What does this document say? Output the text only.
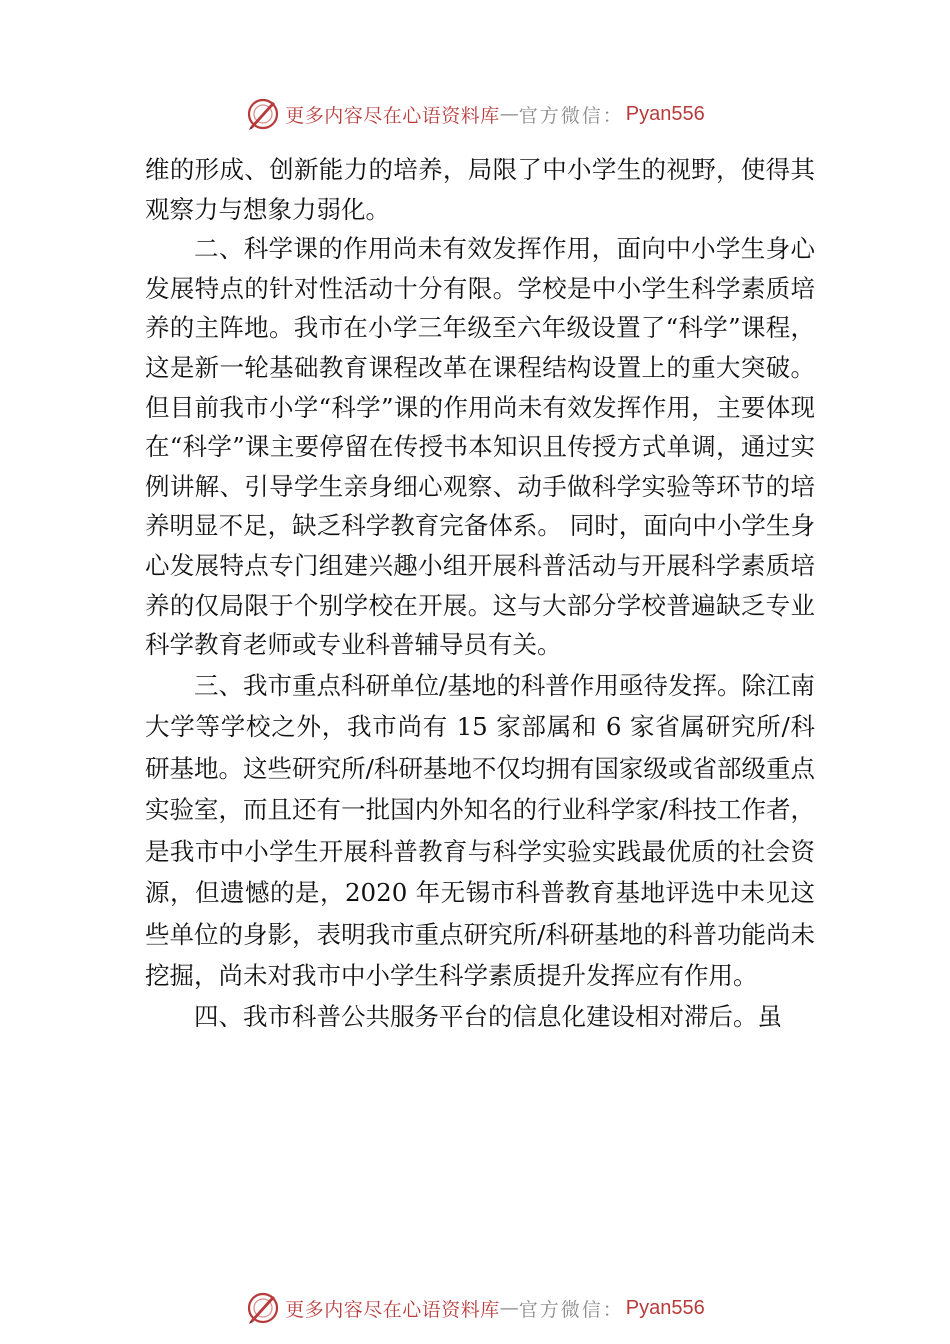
更多内容尽在心语资料库 — 官方微信： Pyan556

维的形成、创新能力的培养，局限了中小学生的视野，使得其观察力与想象力弱化。

二、科学课的作用尚未有效发挥作用，面向中小学生身心发展特点的针对性活动十分有限。学校是中小学生科学素质培养的主阵地。我市在小学三年级至六年级设置了“科学”课程，这是新一轮基础教育课程改革在课程结构设置上的重大突破。但目前我市小学“科学”课的作用尚未有效发挥作用，主要体现在“科学”课主要停留在传授书本知识且传授方式单调，通过实例讲解、引导学生亲身细心观察、动手做科学实验等环节的培养明显不足，缺乏科学教育完备体系。 同时，面向中小学生身心发展特点专门组建兴趣小组开展科普活动与开展科学素质培养的仅局限于个别学校在开展。这与大部分学校普遍缺乏专业科学教育老师或专业科普辅导员有关。

三、我市重点科研单位/基地的科普作用亟待发挥。除江南大学等学校之外，我市尚有 15 家部属和 6 家省属研究所/科研基地。这些研究所/科研基地不仅均拥有国家级或省部级重点实验室，而且还有一批国内外知名的行业科学家/科技工作者，是我市中小学生开展科普教育与科学实验实践最优质的社会资源，但遗憾的是，2020 年无锡市科普教育基地评选中未见这些单位的身影，表明我市重点研究所/科研基地的科普功能尚未挖掘，尚未对我市中小学生科学素质提升发挥应有作用。

四、我市科普公共服务平台的信息化建设相对滞后。虽

更多内容尽在心语资料库 — 官方微信： Pyan556
